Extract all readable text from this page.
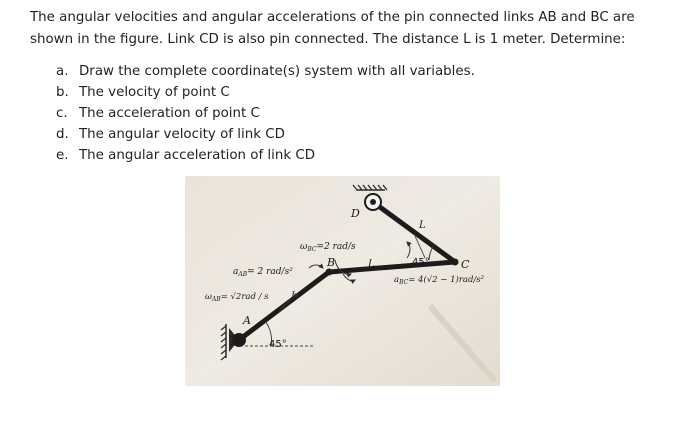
The angular velocities and angular accelerations of the pin connected links AB and BC are
shown in the figure. Link CD is also pin connected. The distance L is 1 meter. Determine:

a. Draw the complete coordinate(s) system with all variables.
b. The velocity of point C
c. The acceleration of point C
d. The angular velocity of link CD
e. The angular acceleration of link CD
D
B	C
A
L
L
L
45°
45°
$\omega_{BC}=2$ rad/s
$a_{AB}= 2$ rad/s²
$\omega_{AB}= √2rad / s$
$a_{BC}= 4(√2 - 1)rad/s^2$
